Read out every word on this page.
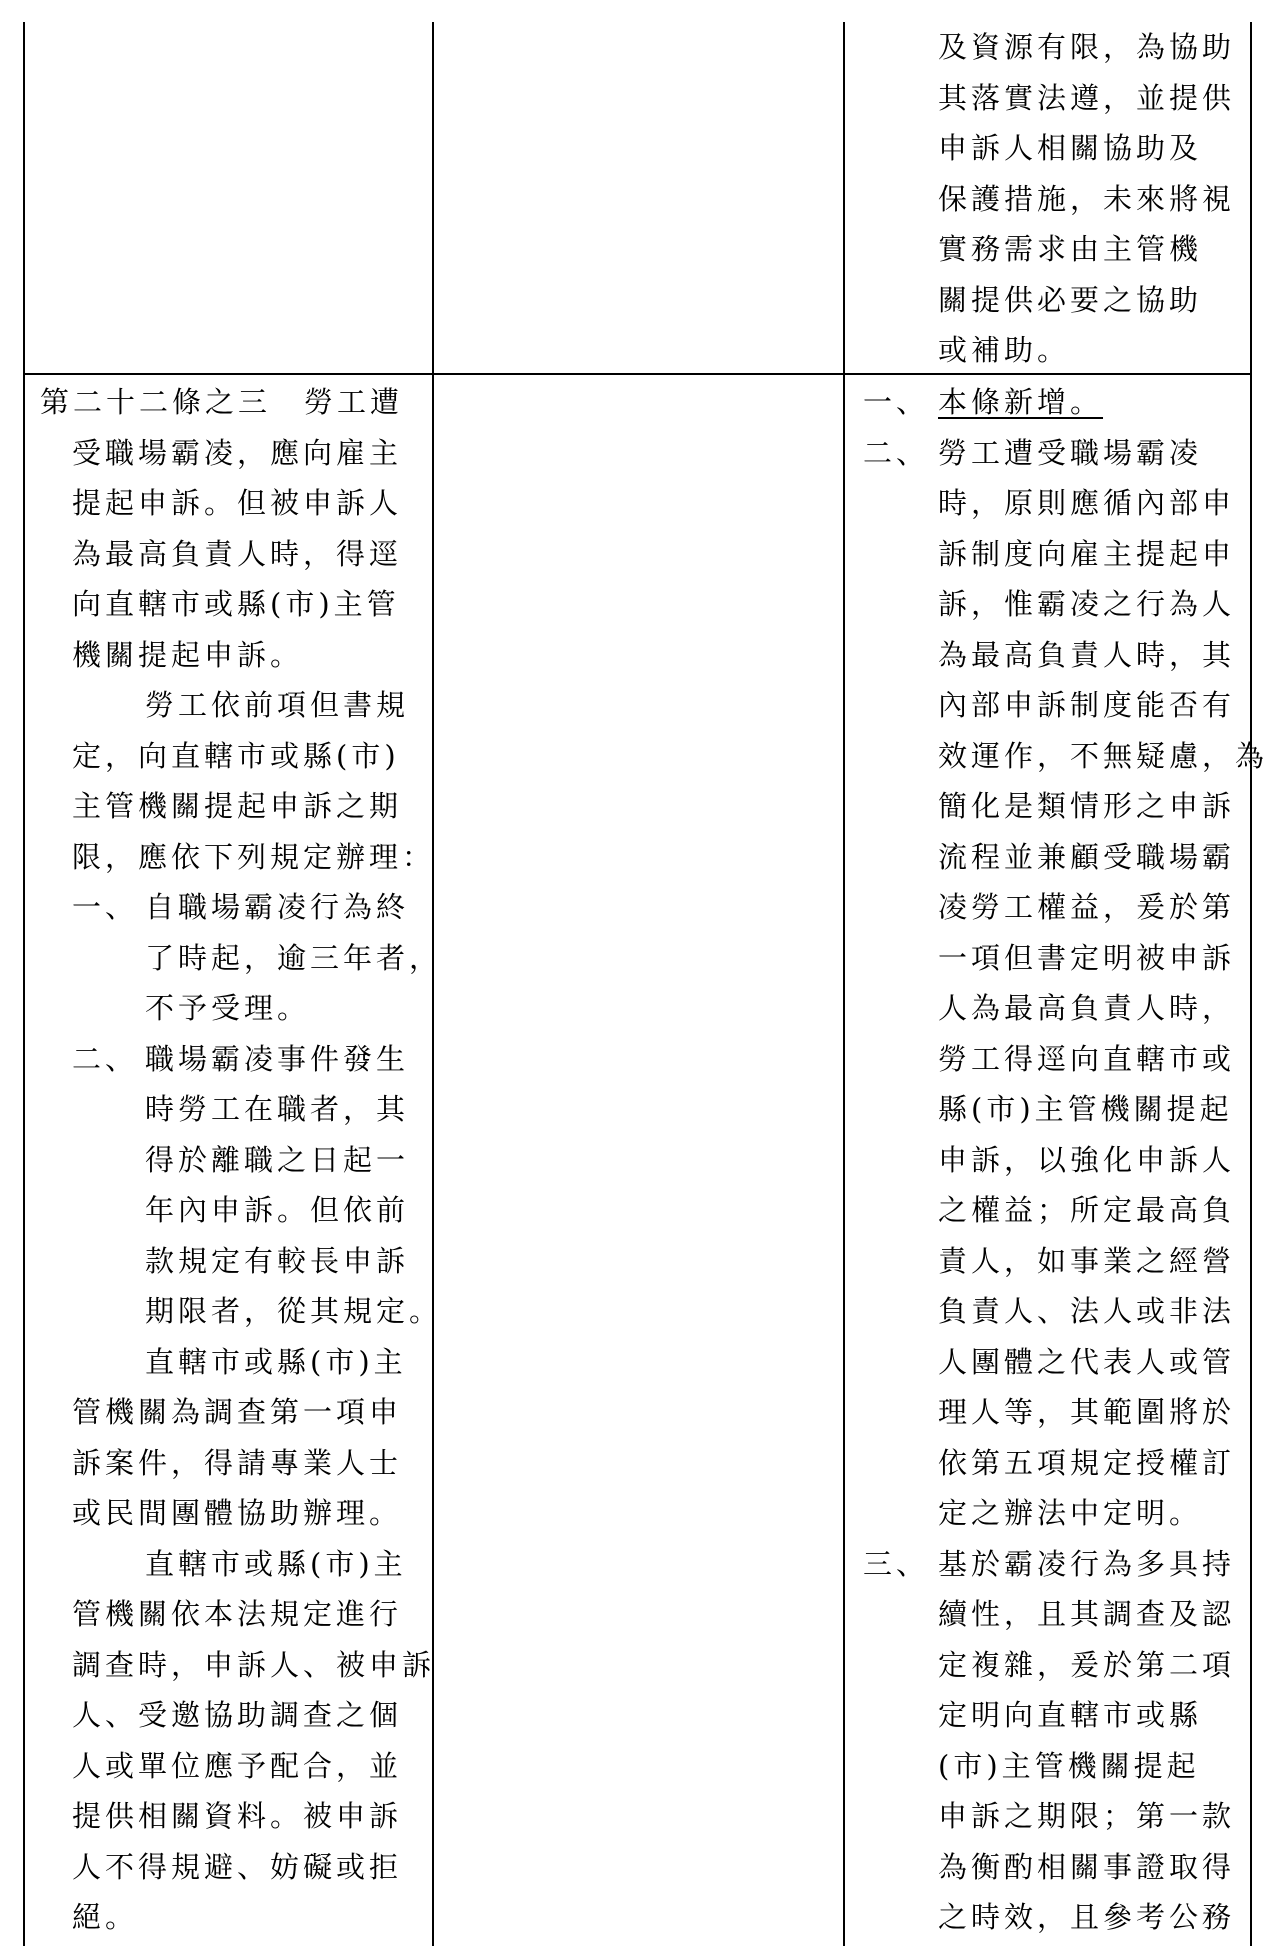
及資源有限，為協助
其落實法遵，並提供
申訴人相關協助及
保護措施，未來將視
實務需求由主管機
關提供必要之協助
或補助。
第二十二條之三　勞工遭
受職場霸凌，應向雇主
提起申訴。但被申訴人
為最高負責人時，得逕
向直轄市或縣(市)主管
機關提起申訴。
勞工依前項但書規
定，向直轄市或縣(市)
主管機關提起申訴之期
限，應依下列規定辦理：
一、 自職場霸凌行為終
了時起，逾三年者，
不予受理。
二、 職場霸凌事件發生
時勞工在職者，其
得於離職之日起一
年內申訴。但依前
款規定有較長申訴
期限者，從其規定。
直轄市或縣(市)主
管機關為調查第一項申
訴案件，得請專業人士
或民間團體協助辦理。
直轄市或縣(市)主
管機關依本法規定進行
調查時，申訴人、被申訴
人、受邀協助調查之個
人或單位應予配合，並
提供相關資料。被申訴
人不得規避、妨礙或拒
絕。
一、 本條新增。
二、 勞工遭受職場霸凌
時，原則應循內部申
訴制度向雇主提起申
訴，惟霸凌之行為人
為最高負責人時，其
內部申訴制度能否有
效運作，不無疑慮，為
簡化是類情形之申訴
流程並兼顧受職場霸
凌勞工權益，爰於第
一項但書定明被申訴
人為最高負責人時，
勞工得逕向直轄市或
縣(市)主管機關提起
申訴，以強化申訴人
之權益；所定最高負
責人，如事業之經營
負責人、法人或非法
人團體之代表人或管
理人等，其範圍將於
依第五項規定授權訂
定之辦法中定明。
三、 基於霸凌行為多具持
續性，且其調查及認
定複雜，爰於第二項
定明向直轄市或縣
(市)主管機關提起
申訴之期限；第一款
為衡酌相關事證取得
之時效，且參考公務
